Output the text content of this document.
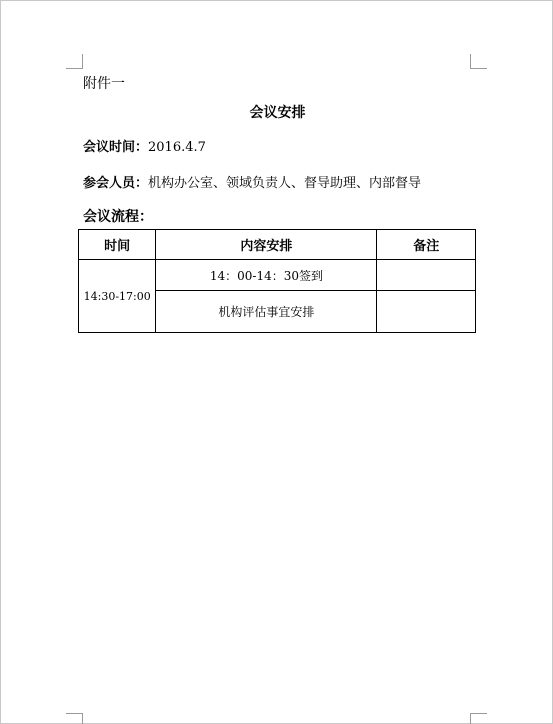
附件一
会议安排
会议时间：2016.4.7
参会人员：机构办公室、领域负责人、督导助理、内部督导
会议流程：
时间	内容安排	备注
14:30-17:00	14：00-14：30签到	
	机构评估事宜安排	
